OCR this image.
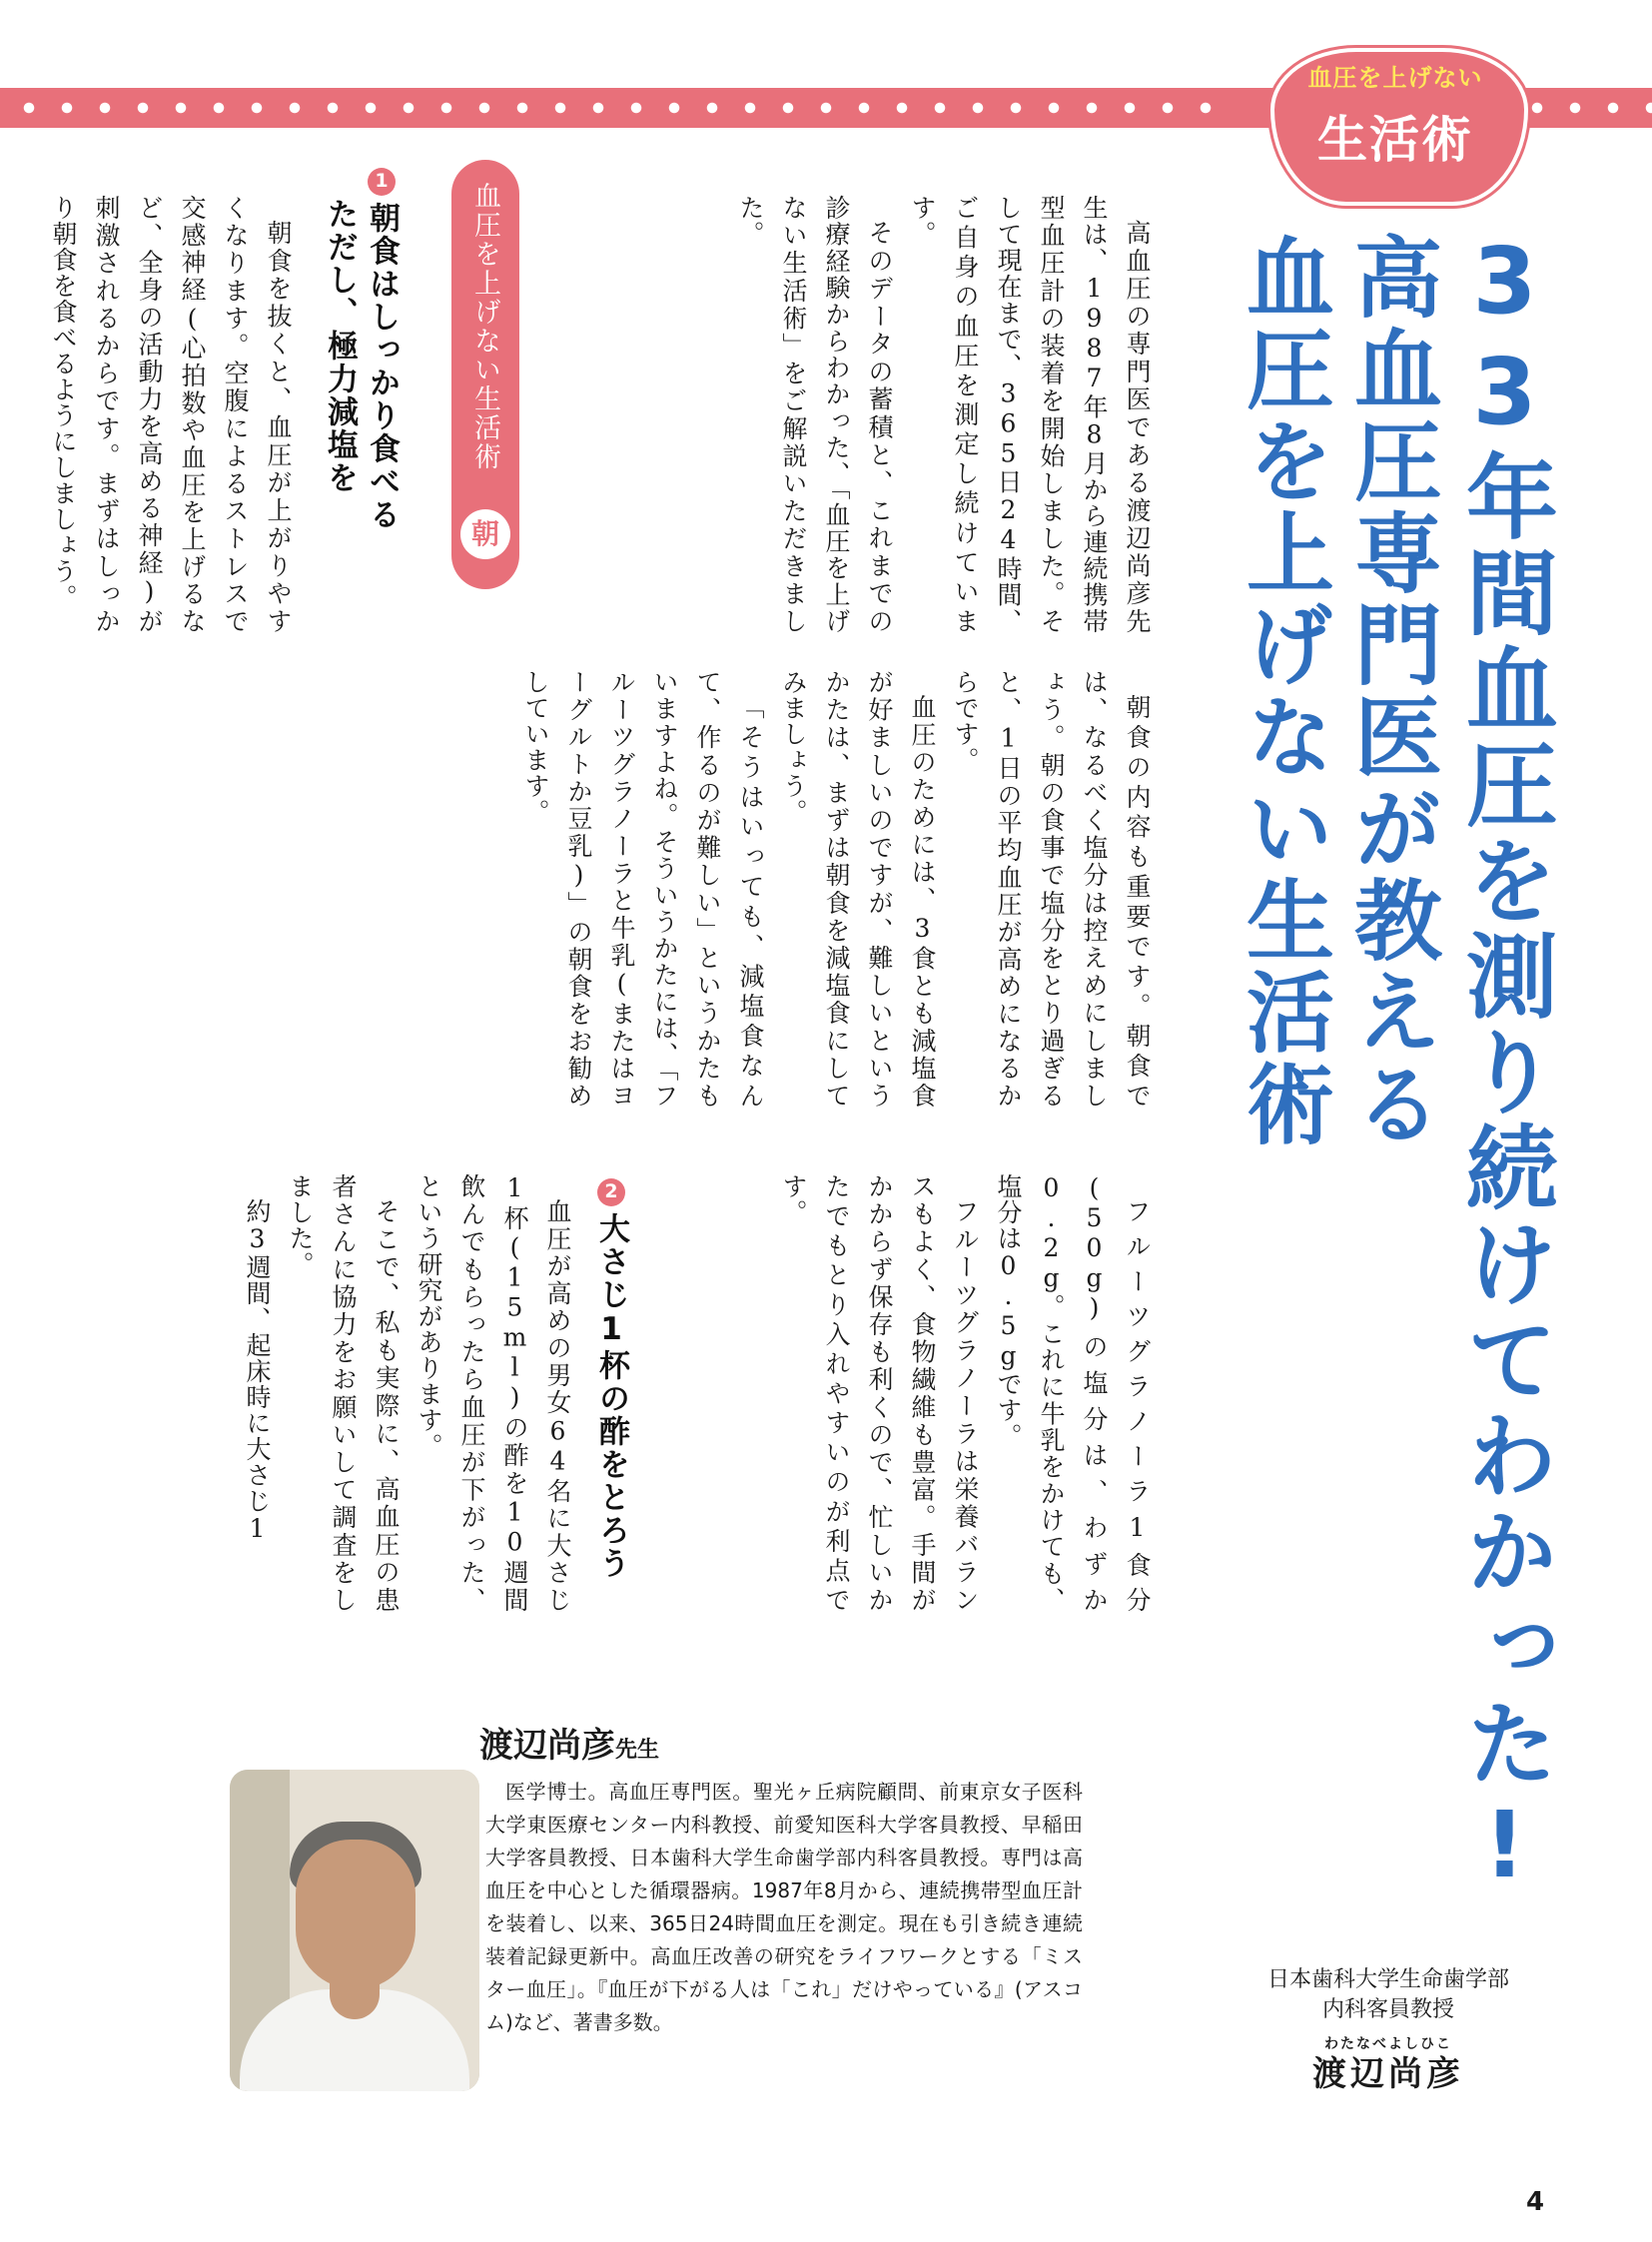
血圧を上げない
生活術
33年間血圧を測り続けてわかった!
高血圧専門医が教える
血圧を上げない生活術

高血圧の専門医である渡辺尚彦先生は、1987年8月から連続携帯型血圧計の装着を開始しました。そして現在まで、365日24時間、ご自身の血圧を測定し続けています。

そのデータの蓄積と、これまでの診療経験からわかった、「血圧を上げない生活術」をご解説いただきました。

血圧を上げない生活術
朝
1朝食はしっかり食べる
ただし、極力減塩を

朝食を抜くと、血圧が上がりやすくなります。空腹によるストレスで交感神経(心拍数や血圧を上げるなど、全身の活動力を高める神経)が刺激されるからです。まずはしっかり朝食を食べるようにしましょう。

朝食の内容も重要です。朝食では、なるべく塩分は控えめにしましょう。朝の食事で塩分をとり過ぎると、1日の平均血圧が高めになるからです。

血圧のためには、3食とも減塩食が好ましいのですが、難しいというかたは、まずは朝食を減塩食にしてみましょう。

「そうはいっても、減塩食なんて、作るのが難しい」というかたもいますよね。そういうかたには、「フルーツグラノーラと牛乳(またはヨーグルトか豆乳)」の朝食をお勧めしています。

フルーツグラノーラ1食分(50g)の塩分は、わずか0.2g。これに牛乳をかけても、塩分は0.5gです。

フルーツグラノーラは栄養バランスもよく、食物繊維も豊富。手間がかからず保存も利くので、忙しいかたでもとり入れやすいのが利点です。

2大さじ1杯の酢をとろう

血圧が高めの男女64名に大さじ1杯(15ml)の酢を10週間飲んでもらったら血圧が下がった、という研究があります。

そこで、私も実際に、高血圧の患者さんに協力をお願いして調査をしました。

約3週間、起床時に大さじ1

渡辺尚彦先生

医学博士。高血圧専門医。聖光ヶ丘病院顧問、前東京女子医科大学東医療センター内科教授、前愛知医科大学客員教授、早稲田大学客員教授、日本歯科大学生命歯学部内科客員教授。専門は高血圧を中心とした循環器病。1987年8月から、連続携帯型血圧計を装着し、以来、365日24時間血圧を測定。現在も引き続き連続装着記録更新中。高血圧改善の研究をライフワークとする「ミスター血圧」。『血圧が下がる人は「これ」だけやっている』(アスコム)など、著書多数。

日本歯科大学生命歯学部
内科客員教授
わたなべよしひこ
渡辺尚彦
4
